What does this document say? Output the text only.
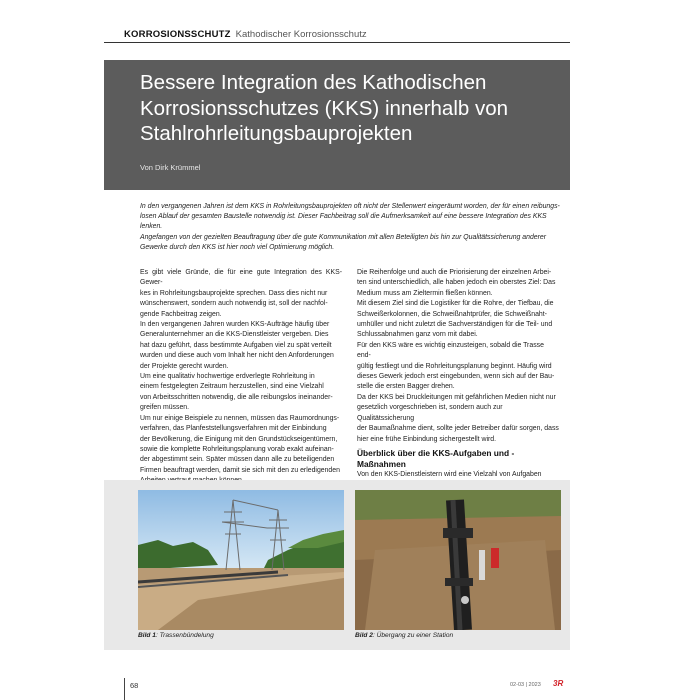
KORROSIONSSCHUTZ Kathodischer Korrosionsschutz
Bessere Integration des Kathodischen
Korrosionsschutzes (KKS) innerhalb von
Stahlrohrleitungsbauprojekten
Von Dirk Krümmel
In den vergangenen Jahren ist dem KKS in Rohrleitungsbauprojekten oft nicht der Stellenwert eingeräumt worden, der für einen reibungs-
losen Ablauf der gesamten Baustelle notwendig ist. Dieser Fachbeitrag soll die Aufmerksamkeit auf eine bessere Integration des KKS lenken.
Angefangen von der gezielten Beauftragung über die gute Kommunikation mit allen Beteiligten bis hin zur Qualitätssicherung anderer
Gewerke durch den KKS ist hier noch viel Optimierung möglich.

Es gibt viele Gründe, die für eine gute Integration des KKS-Gewer-

kes in Rohrleitungsbauprojekte sprechen. Dass dies nicht nur

wünschenswert, sondern auch notwendig ist, soll der nachfol-

gende Fachbeitrag zeigen.

In den vergangenen Jahren wurden KKS-Aufträge häufig über

Generalunternehmer an die KKS-Dienstleister vergeben. Dies

hat dazu geführt, dass bestimmte Aufgaben viel zu spät verteilt

wurden und diese auch vom Inhalt her nicht den Anforderungen

der Projekte gerecht wurden.

Um eine qualitativ hochwertige erdverlegte Rohrleitung in

einem festgelegten Zeitraum herzustellen, sind eine Vielzahl

von Arbeitsschritten notwendig, die alle reibungslos ineinander-

greifen müssen.

Um nur einige Beispiele zu nennen, müssen das Raumordnungs-

verfahren, das Planfeststellungsverfahren mit der Einbindung

der Bevölkerung, die Einigung mit den Grundstückseigentümern,

sowie die komplette Rohrleitungsplanung vorab exakt aufeinan-

der abgestimmt sein. Später müssen dann alle zu beteiligenden

Firmen beauftragt werden, damit sie sich mit den zu erledigenden

Die Reihenfolge und auch die Priorisierung der einzelnen Arbei-

ten sind unterschiedlich, alle haben jedoch ein oberstes Ziel: Das

Medium muss am Zieltermin fließen können.

Mit diesem Ziel sind die Logistiker für die Rohre, der Tiefbau, die

Schweißerkolonnen, die Schweißnahtprüfer, die Schweißnaht-

umhüller und nicht zuletzt die Sachverständigen für die Teil- und

Schlussabnahmen ganz vorn mit dabei.

Für den KKS wäre es wichtig einzusteigen, sobald die Trasse end-

gültig festliegt und die Rohrleitungsplanung beginnt. Häufig wird

dieses Gewerk jedoch erst eingebunden, wenn sich auf der Bau-

stelle die ersten Bagger drehen.

Da der KKS bei Druckleitungen mit gefährlichen Medien nicht nur

gesetzlich vorgeschrieben ist, sondern auch zur Qualitätssicherung

der Baumaßnahme dient, sollte jeder Betreiber dafür sorgen, dass

hier eine frühe Einbindung sichergestellt wird.

Überblick über die KKS-Aufgaben und -Maßnahmen

Von den KKS-Dienstleistern wird eine Vielzahl von Aufgaben

Bild 1: Trassenbündelung	Bild 2: Übergang zu einer Station
68	02-03 | 2023 3R
